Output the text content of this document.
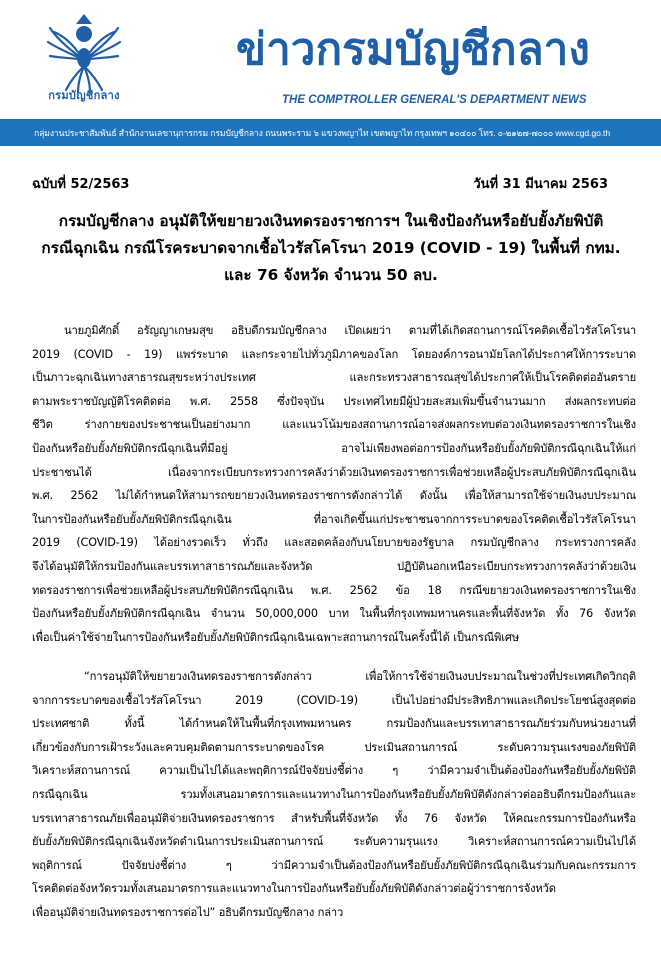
กรมบัญชีกลาง
ข่าวกรมบัญชีกลาง
THE COMPTROLLER GENERAL'S DEPARTMENT NEWS
กลุ่มงานประชาสัมพันธ์ สำนักงานเลขานุการกรม กรมบัญชีกลาง ถนนพระราม ๖ แขวงพญาไท เขตพญาไท กรุงเทพฯ ๑๐๔๐๐ โทร. ๐-๒๑๒๗-๗๐๐๐ www.cgd.go.th
ฉบับที่ 52/2563	วันที่ 31 มีนาคม 2563
กรมบัญชีกลาง อนุมัติให้ขยายวงเงินทดรองราชการฯ ในเชิงป้องกันหรือยับยั้งภัยพิบัติ
กรณีฉุกเฉิน กรณีโรคระบาดจากเชื้อไวรัสโคโรนา 2019 (COVID - 19) ในพื้นที่ กทม.
และ 76 จังหวัด จำนวน 50 ลบ.
นายภูมิศักดิ์ อรัญญาเกษมสุข อธิบดีกรมบัญชีกลาง เปิดเผยว่า ตามที่ได้เกิดสถานการณ์โรคติดเชื้อไวรัสโคโรนา
2019 (COVID - 19) แพร่ระบาด และกระจายไปทั่วภูมิภาคของโลก โดยองค์การอนามัยโลกได้ประกาศให้การระบาด
เป็นภาวะฉุกเฉินทางสาธารณสุขระหว่างประเทศ และกระทรวงสาธารณสุขได้ประกาศให้เป็นโรคติดต่ออันตราย
ตามพระราชบัญญัติโรคติดต่อ พ.ศ. 2558 ซึ่งปัจจุบัน ประเทศไทยมีผู้ป่วยสะสมเพิ่มขึ้นจำนวนมาก ส่งผลกระทบต่อ
ชีวิต ร่างกายของประชาชนเป็นอย่างมาก และแนวโน้มของสถานการณ์อาจส่งผลกระทบต่อวงเงินทดรองราชการในเชิง
ป้องกันหรือยับยั้งภัยพิบัติกรณีฉุกเฉินที่มีอยู่ อาจไม่เพียงพอต่อการป้องกันหรือยับยั้งภัยพิบัติกรณีฉุกเฉินให้แก่
ประชาชนได้ เนื่องจากระเบียบกระทรวงการคลังว่าด้วยเงินทดรองราชการเพื่อช่วยเหลือผู้ประสบภัยพิบัติกรณีฉุกเฉิน
พ.ศ. 2562 ไม่ได้กำหนดให้สามารถขยายวงเงินทดรองราชการดังกล่าวได้ ดังนั้น เพื่อให้สามารถใช้จ่ายเงินงบประมาณ
ในการป้องกันหรือยับยั้งภัยพิบัติกรณีฉุกเฉิน ที่อาจเกิดขึ้นแก่ประชาชนจากการระบาดของโรคติดเชื้อไวรัสโคโรนา
2019 (COVID-19) ได้อย่างรวดเร็ว ทั่วถึง และสอดคล้องกับนโยบายของรัฐบาล กรมบัญชีกลาง กระทรวงการคลัง
จึงได้อนุมัติให้กรมป้องกันและบรรเทาสาธารณภัยและจังหวัด ปฏิบัตินอกเหนือระเบียบกระทรวงการคลังว่าด้วยเงิน
ทดรองราชการเพื่อช่วยเหลือผู้ประสบภัยพิบัติกรณีฉุกเฉิน พ.ศ. 2562 ข้อ 18 กรณีขยายวงเงินทดรองราชการในเชิง
ป้องกันหรือยับยั้งภัยพิบัติกรณีฉุกเฉิน จำนวน 50,000,000 บาท ในพื้นที่กรุงเทพมหานครและพื้นที่จังหวัด ทั้ง 76 จังหวัด
เพื่อเป็นค่าใช้จ่ายในการป้องกันหรือยับยั้งภัยพิบัติกรณีฉุกเฉินเฉพาะสถานการณ์ในครั้งนี้ได้ เป็นกรณีพิเศษ
“การอนุมัติให้ขยายวงเงินทดรองราชการดังกล่าว เพื่อให้การใช้จ่ายเงินงบประมาณในช่วงที่ประเทศเกิดวิกฤติ
จากการระบาดของเชื้อไวรัสโคโรนา 2019 (COVID-19) เป็นไปอย่างมีประสิทธิภาพและเกิดประโยชน์สูงสุดต่อ
ประเทศชาติ ทั้งนี้ ได้กำหนดให้ในพื้นที่กรุงเทพมหานคร กรมป้องกันและบรรเทาสาธารณภัยร่วมกับหน่วยงานที่
เกี่ยวข้องกับการเฝ้าระวังและควบคุมติดตามการระบาดของโรค ประเมินสถานการณ์ ระดับความรุนแรงของภัยพิบัติ
วิเคราะห์สถานการณ์ ความเป็นไปได้และพฤติการณ์ปัจจัยบ่งชี้ต่าง ๆ ว่ามีความจำเป็นต้องป้องกันหรือยับยั้งภัยพิบัติ
กรณีฉุกเฉิน รวมทั้งเสนอมาตรการและแนวทางในการป้องกันหรือยับยั้งภัยพิบัติดังกล่าวต่ออธิบดีกรมป้องกันและ
บรรเทาสาธารณภัยเพื่ออนุมัติจ่ายเงินทดรองราชการ สำหรับพื้นที่จังหวัด ทั้ง 76 จังหวัด ให้คณะกรรมการป้องกันหรือ
ยับยั้งภัยพิบัติกรณีฉุกเฉินจังหวัดดำเนินการประเมินสถานการณ์ ระดับความรุนแรง วิเคราะห์สถานการณ์ความเป็นไปได้
พฤติการณ์ ปัจจัยบ่งชี้ต่าง ๆ ว่ามีความจำเป็นต้องป้องกันหรือยับยั้งภัยพิบัติกรณีฉุกเฉินร่วมกับคณะกรรมการ
โรคติดต่อจังหวัดรวมทั้งเสนอมาตรการและแนวทางในการป้องกันหรือยับยั้งภัยพิบัติดังกล่าวต่อผู้ว่าราชการจังหวัด
เพื่ออนุมัติจ่ายเงินทดรองราชการต่อไป” อธิบดีกรมบัญชีกลาง กล่าว
